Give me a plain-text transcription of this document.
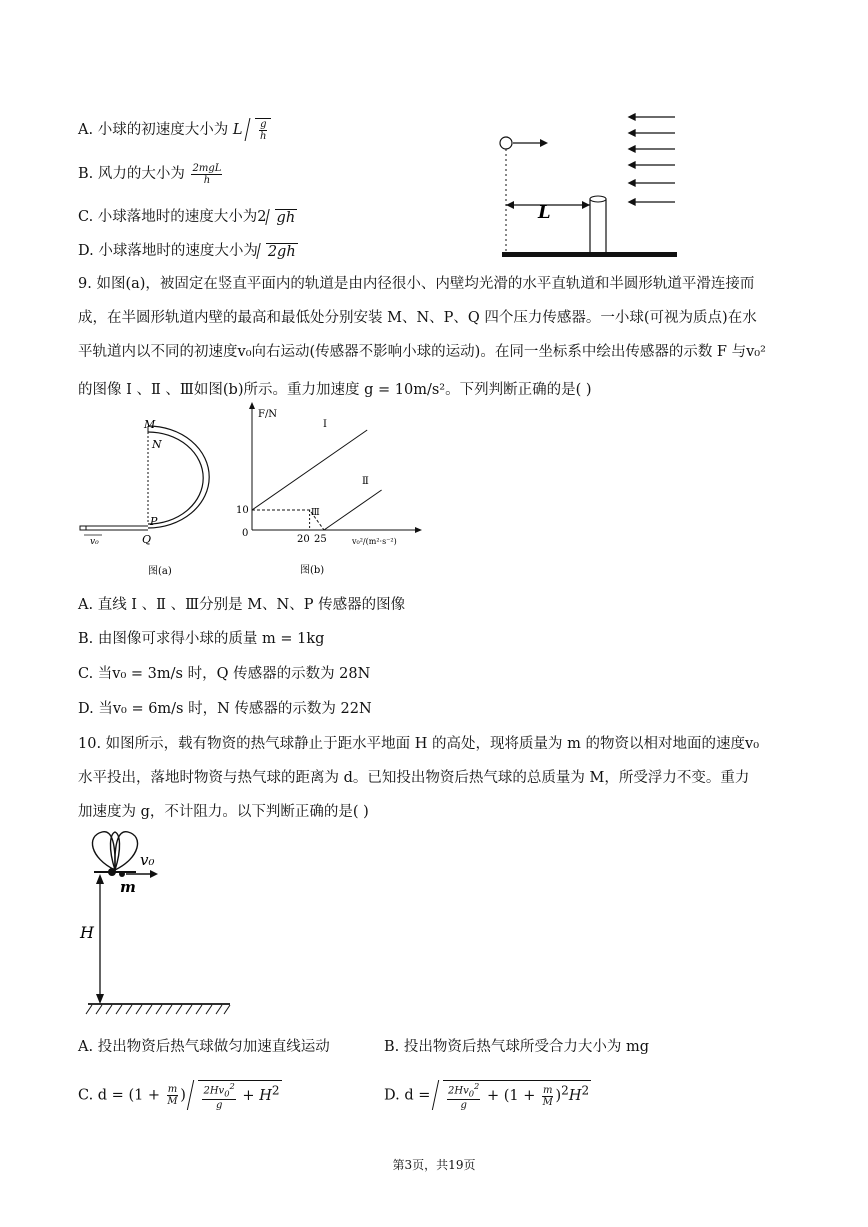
A. 小球的初速度大小为 L $\frac{g}{h}$
B. 风力的大小为 $\frac{\text{2mgL}}{h}$
C. 小球落地时的速度大小为2 gh
D. 小球落地时的速度大小为 2gh
L
9. 如图(a)，被固定在竖直平面内的轨道是由内径很小、内壁均光滑的水平直轨道和半圆形轨道平滑连接而
成，在半圆形轨道内壁的最高和最低处分别安装 M、N、P、Q 四个压力传感器。一小球(可视为质点)在水
平轨道内以不同的初速度v₀向右运动(传感器不影响小球的运动)。在同一坐标系中绘出传感器的示数 F 与v₀²
的图像 Ⅰ 、Ⅱ 、Ⅲ如图(b)所示。重力加速度 g = 10m/s²。下列判断正确的是( )
v₀
M
N
P
Q
图(a)
F/N
v₀²/(m²·s⁻²)
10
0
20 25
Ⅰ
Ⅱ
Ⅲ
图(b)
A. 直线 Ⅰ 、Ⅱ 、Ⅲ分别是 M、N、P 传感器的图像
B. 由图像可求得小球的质量 m = 1kg
C. 当v₀ = 3m/s 时，Q 传感器的示数为 28N
D. 当v₀ = 6m/s 时，N 传感器的示数为 22N
10. 如图所示，载有物资的热气球静止于距水平地面 H 的高处，现将质量为 m 的物资以相对地面的速度v₀
水平投出，落地时物资与热气球的距离为 d。已知投出物资后热气球的总质量为 M，所受浮力不变。重力
加速度为 g，不计阻力。以下判断正确的是( )
v₀
m
H
A. 投出物资后热气球做匀加速直线运动	B. 投出物资后热气球所受合力大小为 mg
C. $d = (1 + \frac{m}{M}$ ) $\frac{2Hv_0^2}{g} + H^2$	D. $d = \frac{2Hv_0^2}{g} + (1 + \frac{m}{M} )^2H^2$
第3页，共19页
